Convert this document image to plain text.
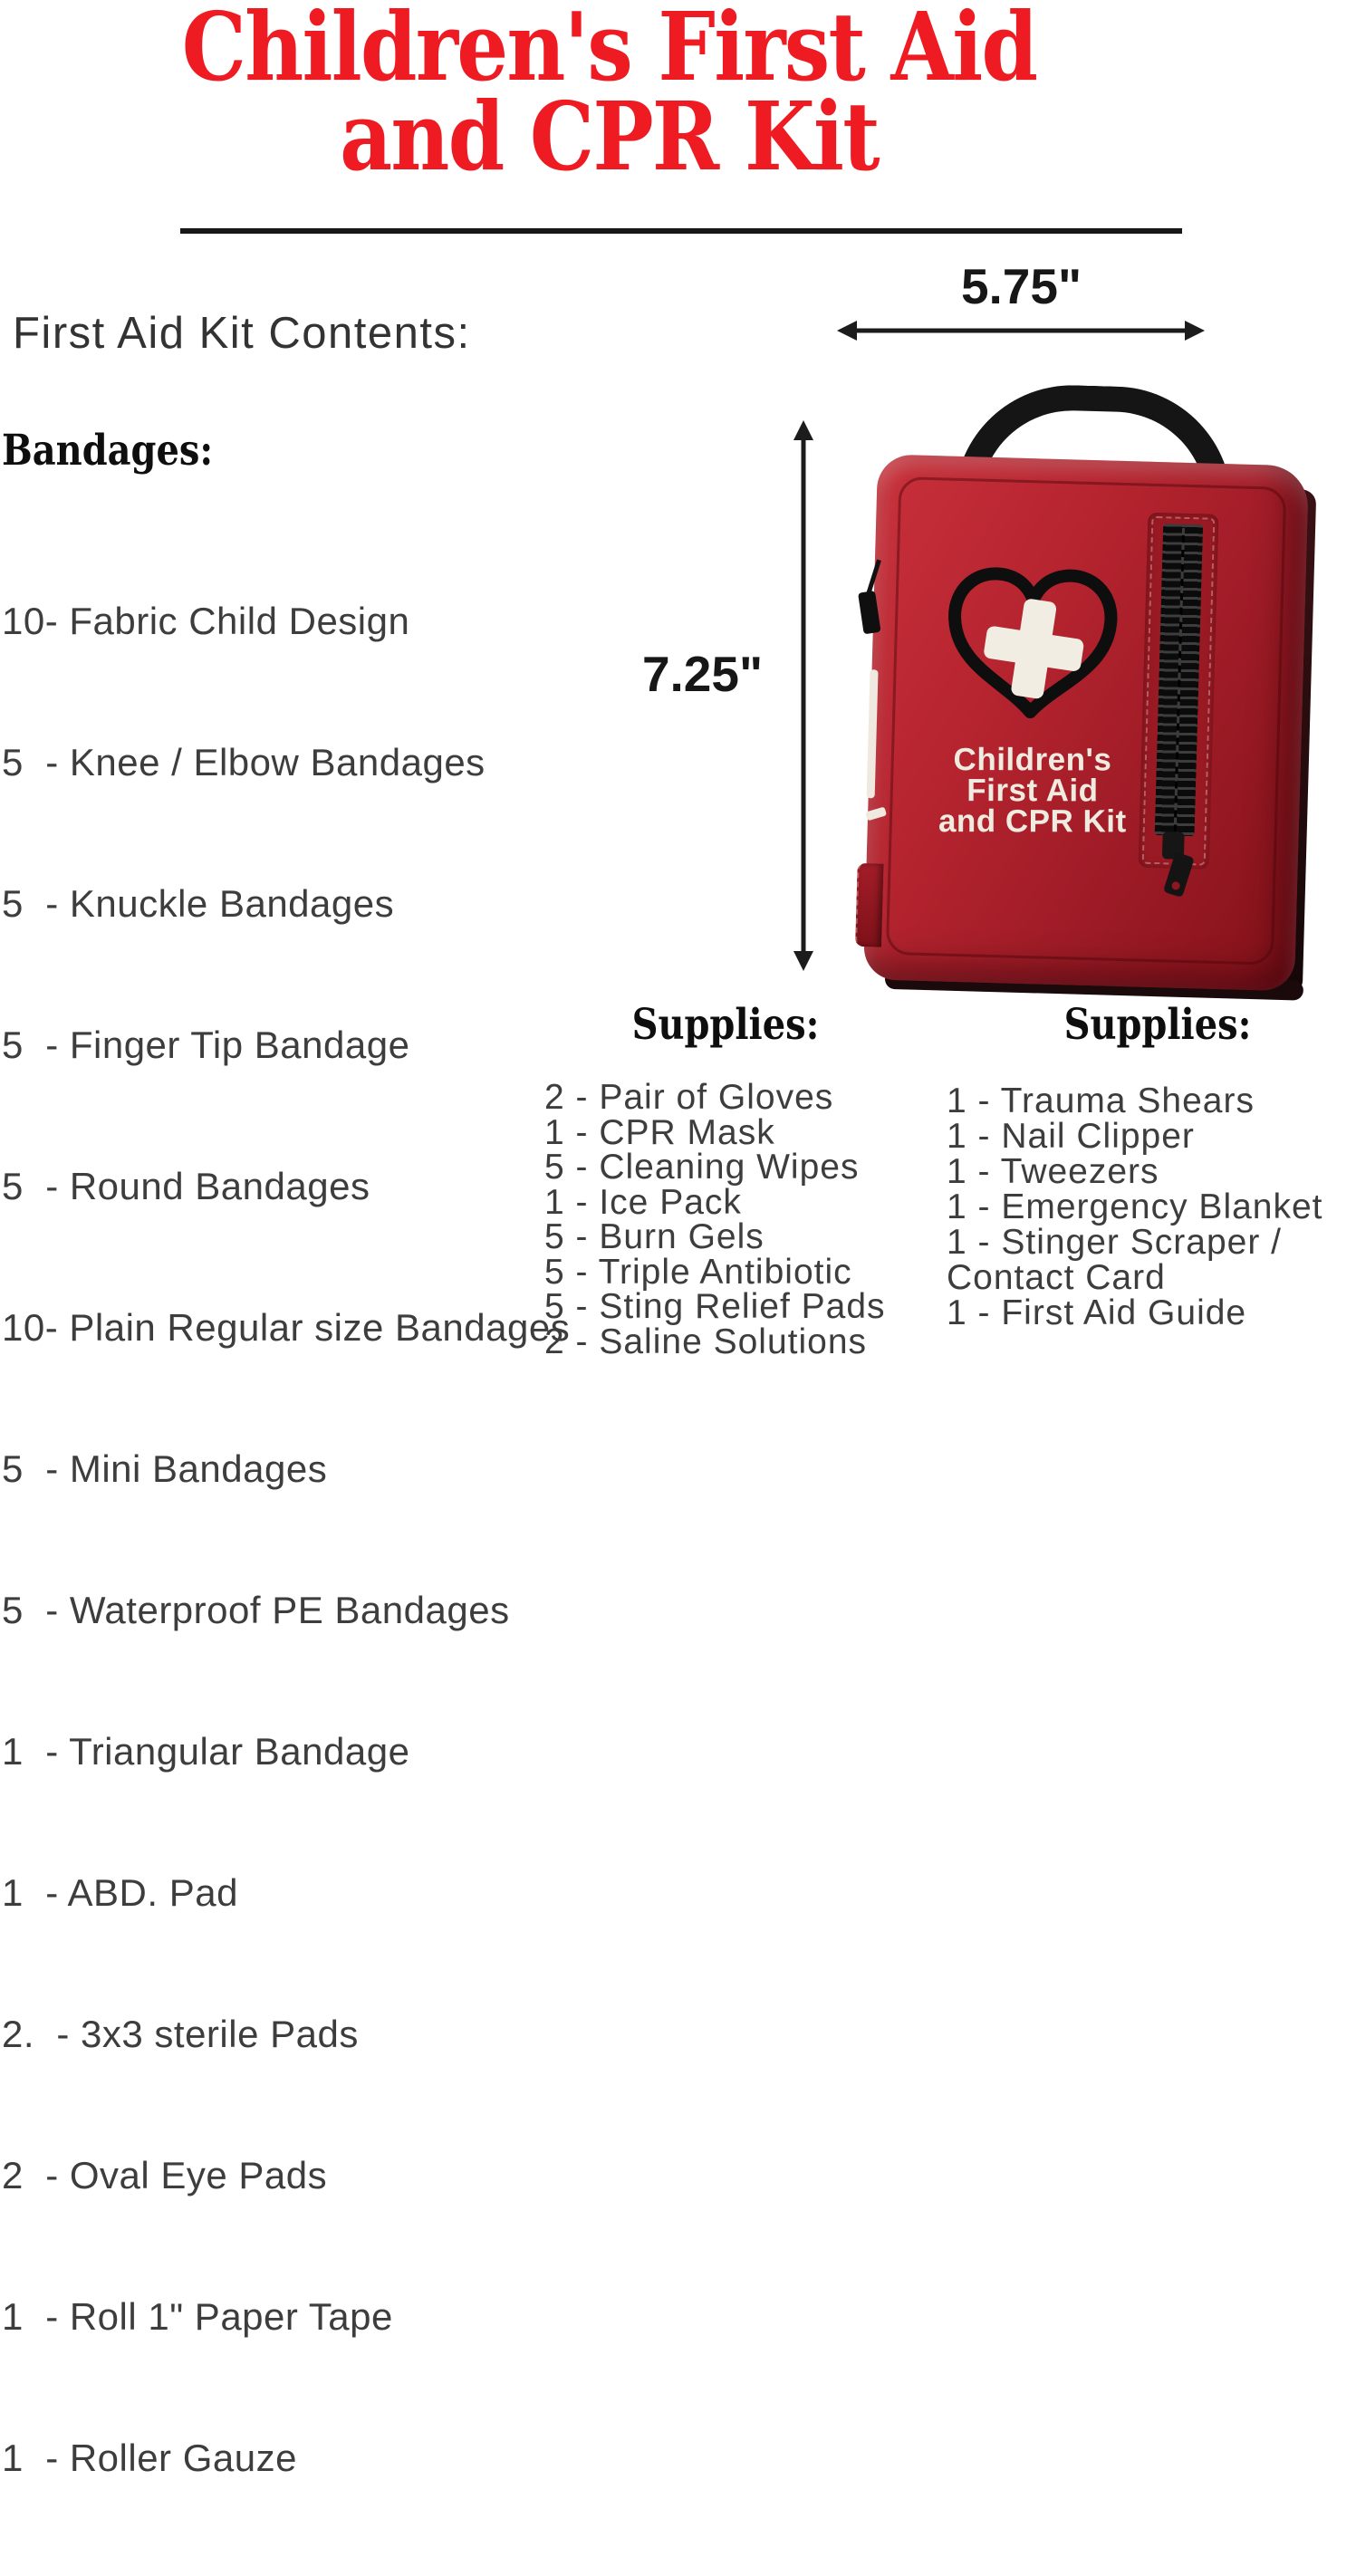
Children's First Aid
and CPR Kit
First Aid Kit Contents:
Bandages:

10- Fabric Child Design

5  - Knee / Elbow Bandages

5  - Knuckle Bandages

5  - Finger Tip Bandage

5  - Round Bandages

10- Plain Regular size Bandages

5  - Mini Bandages

5  - Waterproof PE Bandages

1  - Triangular Bandage

1  - ABD. Pad

2.  - 3x3 sterile Pads

2  - Oval Eye Pads

1  - Roll 1" Paper Tape

1  - Roller Gauze

5.75"
7.25"
Children's
First Aid
and CPR Kit
Supplies:
2 - Pair of Gloves
1 - CPR Mask
5 - Cleaning Wipes
1 - Ice Pack
5 - Burn Gels
5 - Triple Antibiotic
5 - Sting Relief Pads
2 - Saline Solutions
Supplies:
1 - Trauma Shears
1 - Nail Clipper
1 - Tweezers
1 - Emergency Blanket
1 - Stinger Scraper / Contact Card
1 - First Aid Guide
